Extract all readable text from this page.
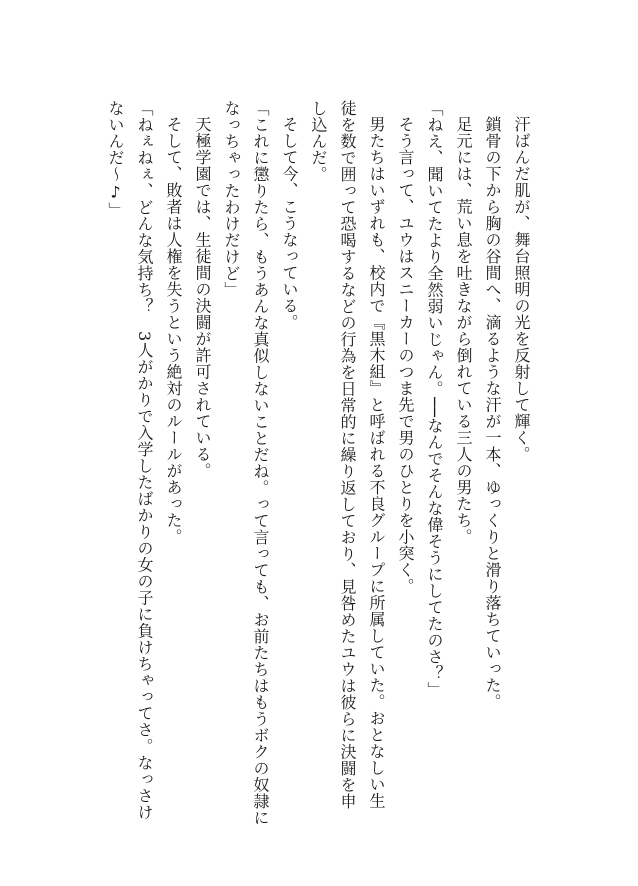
汗ばんだ肌が、舞台照明の光を反射して輝く。
鎖骨の下から胸の谷間へ、滴るような汗が一本、ゆっくりと滑り落ちていった。
足元には、荒い息を吐きながら倒れている三人の男たち。
「ねえ、聞いてたより全然弱いじゃん。──なんでそんな偉そうにしてたのさ？」
そう言って、ユウはスニーカーのつま先で男のひとりを小突く。
男たちはいずれも、校内で『黒木組』と呼ばれる不良グループに所属していた。おとなしい生
徒を数で囲って恐喝するなどの行為を日常的に繰り返しており、見咎めたユウは彼らに決闘を申
し込んだ。
そして今、こうなっている。
「これに懲りたら、もうあんな真似しないことだね。って言っても、お前たちはもうボクの奴隷に
なっちゃったわけだけど」
天極学園では、生徒間の決闘が許可されている。
そして、敗者は人権を失うという絶対のルールがあった。
「ねぇねぇ、どんな気持ち？　3人がかりで入学したばかりの女の子に負けちゃってさ。なっさけ
ないんだ〜♪」
